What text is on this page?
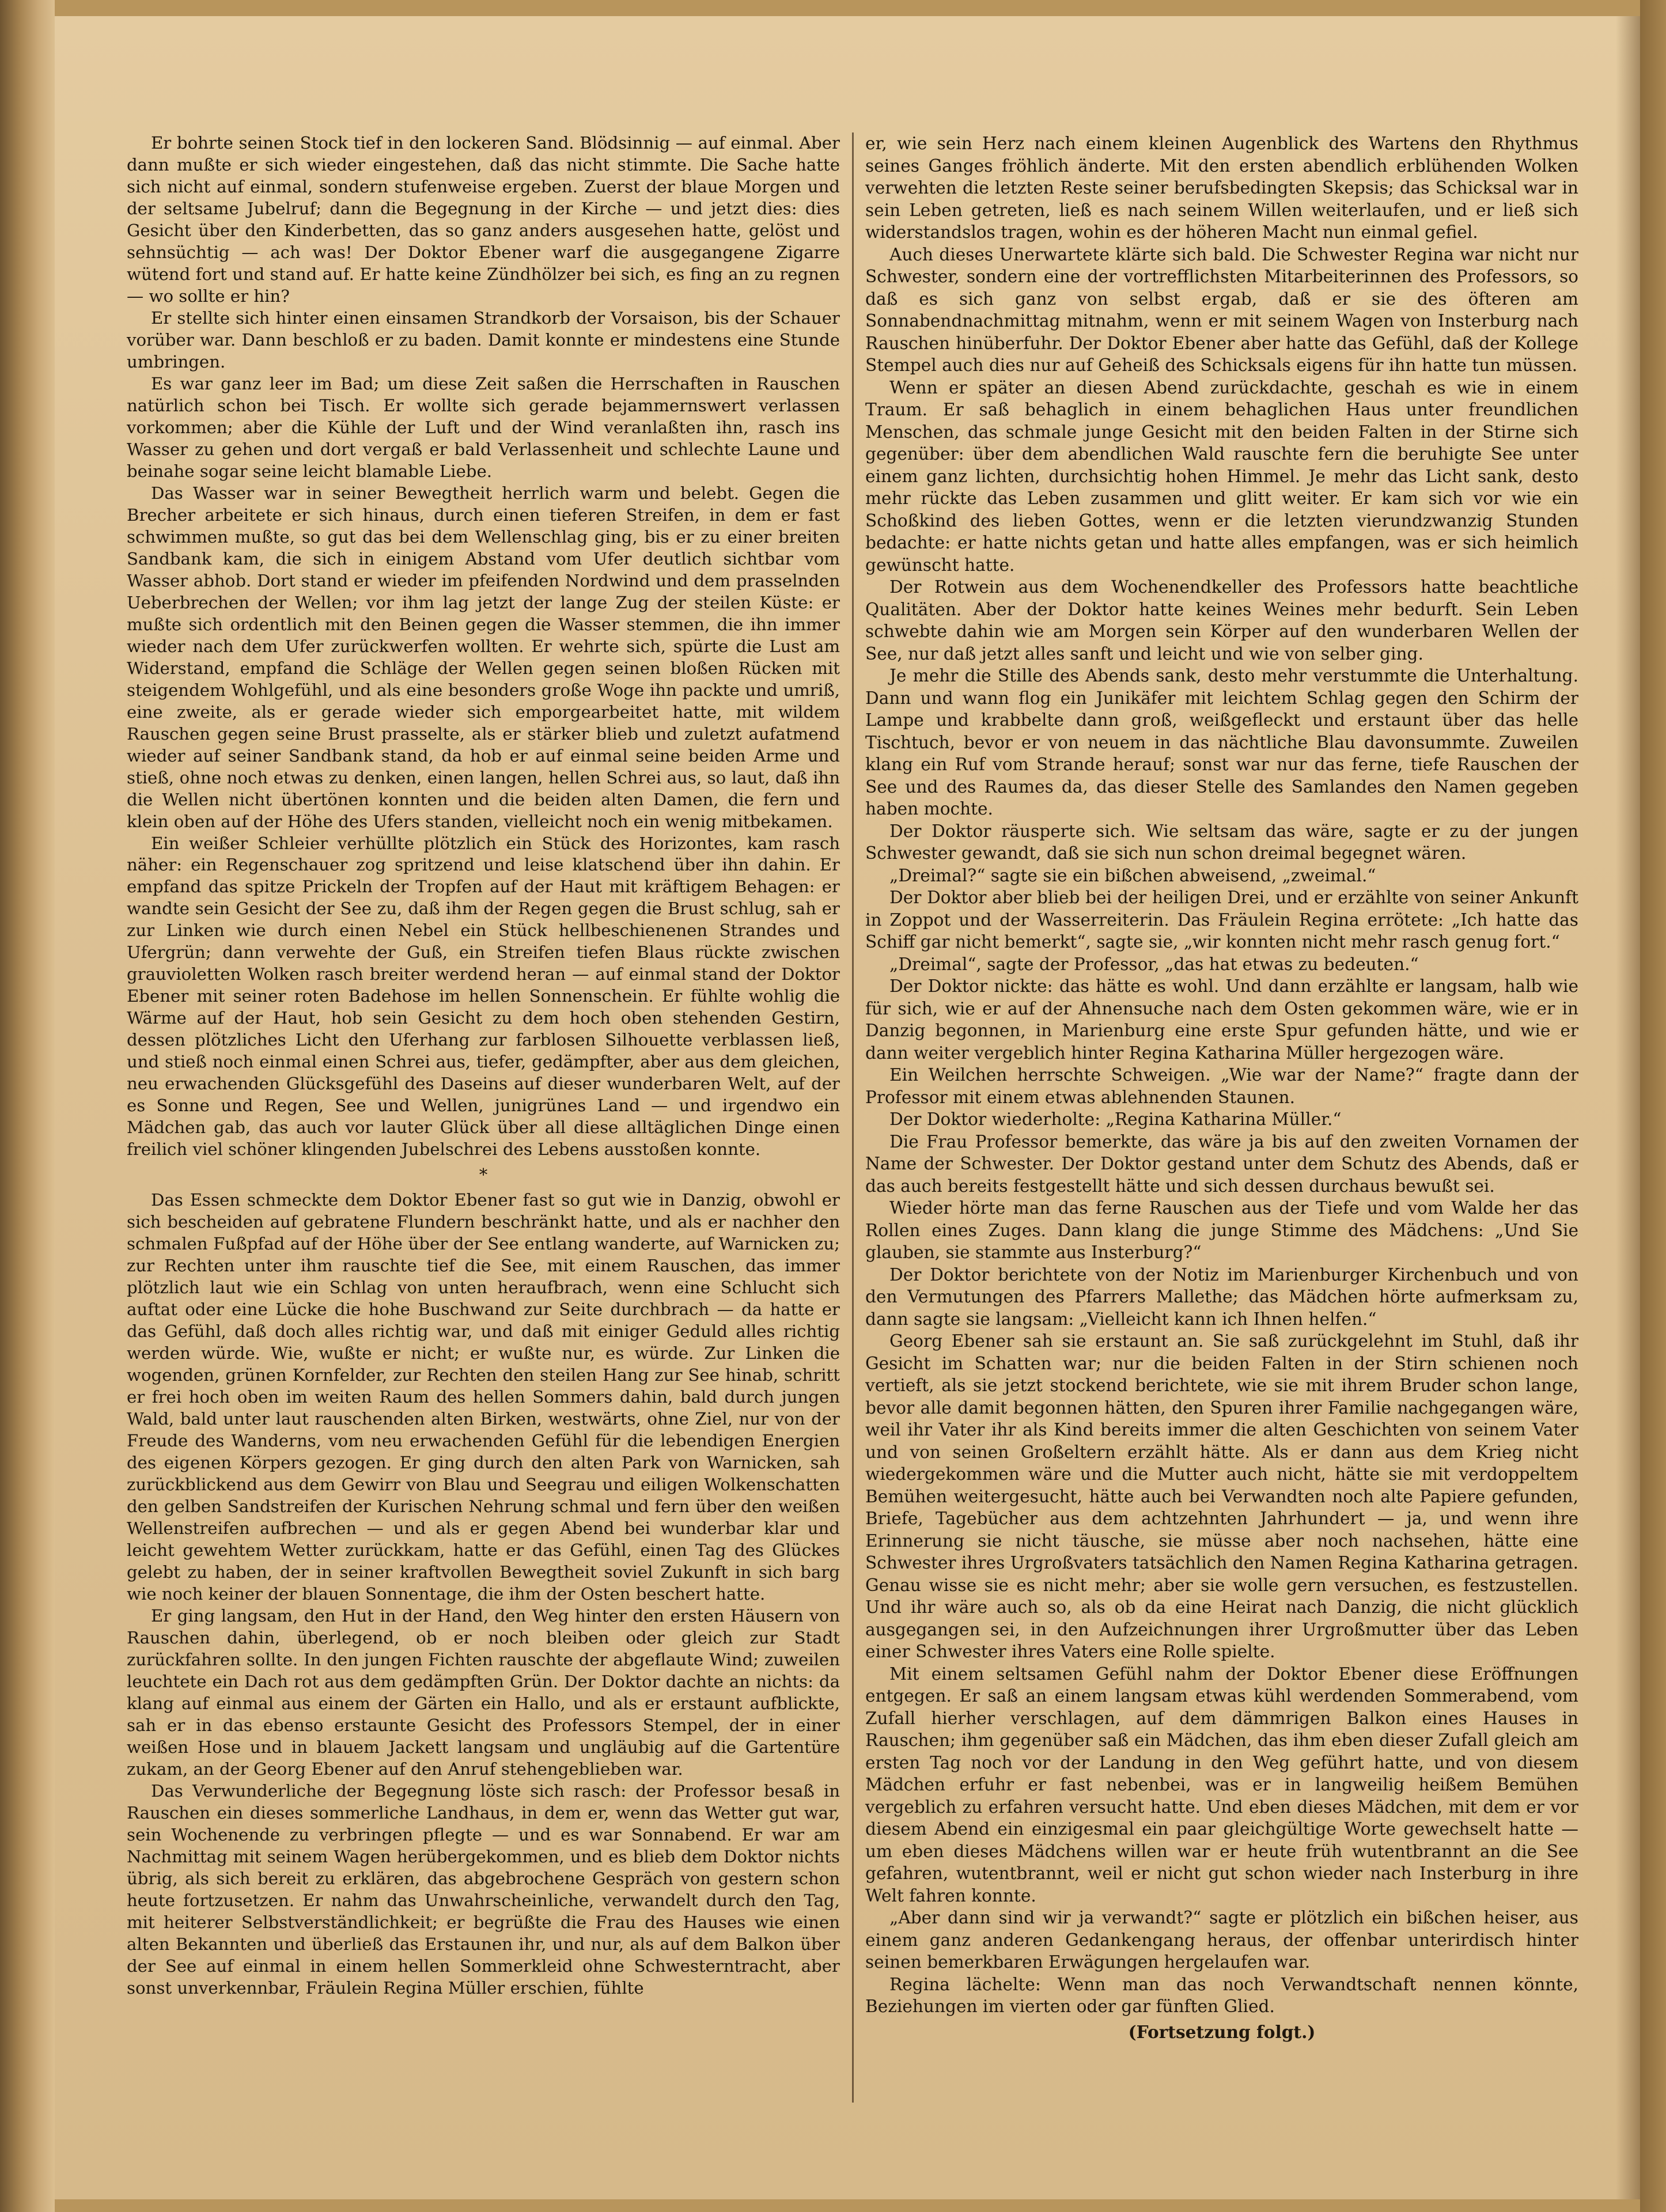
Er bohrte seinen Stock tief in den lockeren Sand. Blödsinnig — auf einmal. Aber dann mußte er sich wieder eingestehen, daß das nicht stimmte. Die Sache hatte sich nicht auf einmal, sondern stufenweise ergeben. Zuerst der blaue Morgen und der seltsame Jubelruf; dann die Begegnung in der Kirche — und jetzt dies: dies Gesicht über den Kinderbetten, das so ganz anders ausgesehen hatte, gelöst und sehnsüchtig — ach was! Der Doktor Ebener warf die ausgegangene Zigarre wütend fort und stand auf. Er hatte keine Zündhölzer bei sich, es fing an zu regnen — wo sollte er hin?

Er stellte sich hinter einen einsamen Strandkorb der Vorsaison, bis der Schauer vorüber war. Dann beschloß er zu baden. Damit konnte er mindestens eine Stunde umbringen.

Es war ganz leer im Bad; um diese Zeit saßen die Herrschaften in Rauschen natürlich schon bei Tisch. Er wollte sich gerade bejammernswert verlassen vorkommen; aber die Kühle der Luft und der Wind veranlaßten ihn, rasch ins Wasser zu gehen und dort vergaß er bald Verlassenheit und schlechte Laune und beinahe sogar seine leicht blamable Liebe.

Das Wasser war in seiner Bewegtheit herrlich warm und belebt. Gegen die Brecher arbeitete er sich hinaus, durch einen tieferen Streifen, in dem er fast schwimmen mußte, so gut das bei dem Wellenschlag ging, bis er zu einer breiten Sandbank kam, die sich in einigem Abstand vom Ufer deutlich sichtbar vom Wasser abhob. Dort stand er wieder im pfeifenden Nordwind und dem prasselnden Ueberbrechen der Wellen; vor ihm lag jetzt der lange Zug der steilen Küste: er mußte sich ordentlich mit den Beinen gegen die Wasser stemmen, die ihn immer wieder nach dem Ufer zurückwerfen wollten. Er wehrte sich, spürte die Lust am Widerstand, empfand die Schläge der Wellen gegen seinen bloßen Rücken mit steigendem Wohlgefühl, und als eine besonders große Woge ihn packte und umriß, eine zweite, als er gerade wieder sich emporgearbeitet hatte, mit wildem Rauschen gegen seine Brust prasselte, als er stärker blieb und zuletzt aufatmend wieder auf seiner Sandbank stand, da hob er auf einmal seine beiden Arme und stieß, ohne noch etwas zu denken, einen langen, hellen Schrei aus, so laut, daß ihn die Wellen nicht übertönen konnten und die beiden alten Damen, die fern und klein oben auf der Höhe des Ufers standen, vielleicht noch ein wenig mitbekamen.

Ein weißer Schleier verhüllte plötzlich ein Stück des Horizontes, kam rasch näher: ein Regenschauer zog spritzend und leise klatschend über ihn dahin. Er empfand das spitze Prickeln der Tropfen auf der Haut mit kräftigem Behagen: er wandte sein Gesicht der See zu, daß ihm der Regen gegen die Brust schlug, sah er zur Linken wie durch einen Nebel ein Stück hellbeschienenen Strandes und Ufergrün; dann verwehte der Guß, ein Streifen tiefen Blaus rückte zwischen grauvioletten Wolken rasch breiter werdend heran — auf einmal stand der Doktor Ebener mit seiner roten Badehose im hellen Sonnenschein. Er fühlte wohlig die Wärme auf der Haut, hob sein Gesicht zu dem hoch oben stehenden Gestirn, dessen plötzliches Licht den Uferhang zur farblosen Silhouette verblassen ließ, und stieß noch einmal einen Schrei aus, tiefer, gedämpfter, aber aus dem gleichen, neu erwachenden Glücksgefühl des Daseins auf dieser wunderbaren Welt, auf der es Sonne und Regen, See und Wellen, junigrünes Land — und irgendwo ein Mädchen gab, das auch vor lauter Glück über all diese alltäglichen Dinge einen freilich viel schöner klingenden Jubelschrei des Lebens ausstoßen konnte.

*

Das Essen schmeckte dem Doktor Ebener fast so gut wie in Danzig, obwohl er sich bescheiden auf gebratene Flundern beschränkt hatte, und als er nachher den schmalen Fußpfad auf der Höhe über der See entlang wanderte, auf Warnicken zu; zur Rechten unter ihm rauschte tief die See, mit einem Rauschen, das immer plötzlich laut wie ein Schlag von unten heraufbrach, wenn eine Schlucht sich auftat oder eine Lücke die hohe Buschwand zur Seite durchbrach — da hatte er das Gefühl, daß doch alles richtig war, und daß mit einiger Geduld alles richtig werden würde. Wie, wußte er nicht; er wußte nur, es würde. Zur Linken die wogenden, grünen Kornfelder, zur Rechten den steilen Hang zur See hinab, schritt er frei hoch oben im weiten Raum des hellen Sommers dahin, bald durch jungen Wald, bald unter laut rauschenden alten Birken, westwärts, ohne Ziel, nur von der Freude des Wanderns, vom neu erwachenden Gefühl für die lebendigen Energien des eigenen Körpers gezogen. Er ging durch den alten Park von Warnicken, sah zurückblickend aus dem Gewirr von Blau und Seegrau und eiligen Wolkenschatten den gelben Sandstreifen der Kurischen Nehrung schmal und fern über den weißen Wellenstreifen aufbrechen — und als er gegen Abend bei wunderbar klar und leicht gewehtem Wetter zurückkam, hatte er das Gefühl, einen Tag des Glückes gelebt zu haben, der in seiner kraftvollen Bewegtheit soviel Zukunft in sich barg wie noch keiner der blauen Sonnentage, die ihm der Osten beschert hatte.

Er ging langsam, den Hut in der Hand, den Weg hinter den ersten Häusern von Rauschen dahin, überlegend, ob er noch bleiben oder gleich zur Stadt zurückfahren sollte. In den jungen Fichten rauschte der abgeflaute Wind; zuweilen leuchtete ein Dach rot aus dem gedämpften Grün. Der Doktor dachte an nichts: da klang auf einmal aus einem der Gärten ein Hallo, und als er erstaunt aufblickte, sah er in das ebenso erstaunte Gesicht des Professors Stempel, der in einer weißen Hose und in blauem Jackett langsam und ungläubig auf die Gartentüre zukam, an der Georg Ebener auf den Anruf stehengeblieben war.

Das Verwunderliche der Begegnung löste sich rasch: der Professor besaß in Rauschen ein dieses sommerliche Landhaus, in dem er, wenn das Wetter gut war, sein Wochenende zu verbringen pflegte — und es war Sonnabend. Er war am Nachmittag mit seinem Wagen herübergekommen, und es blieb dem Doktor nichts übrig, als sich bereit zu erklären, das abgebrochene Gespräch von gestern schon heute fortzusetzen. Er nahm das Unwahrscheinliche, verwandelt durch den Tag, mit heiterer Selbstverständlichkeit; er begrüßte die Frau des Hauses wie einen alten Bekannten und überließ das Erstaunen ihr, und nur, als auf dem Balkon über der See auf einmal in einem hellen Sommerkleid ohne Schwesterntracht, aber sonst unverkennbar, Fräulein Regina Müller erschien, fühlte

er, wie sein Herz nach einem kleinen Augenblick des Wartens den Rhythmus seines Ganges fröhlich änderte. Mit den ersten abendlich erblühenden Wolken verwehten die letzten Reste seiner berufsbedingten Skepsis; das Schicksal war in sein Leben getreten, ließ es nach seinem Willen weiterlaufen, und er ließ sich widerstandslos tragen, wohin es der höheren Macht nun einmal gefiel.

Auch dieses Unerwartete klärte sich bald. Die Schwester Regina war nicht nur Schwester, sondern eine der vortrefflichsten Mitarbeiterinnen des Professors, so daß es sich ganz von selbst ergab, daß er sie des öfteren am Sonnabendnachmittag mitnahm, wenn er mit seinem Wagen von Insterburg nach Rauschen hinüberfuhr. Der Doktor Ebener aber hatte das Gefühl, daß der Kollege Stempel auch dies nur auf Geheiß des Schicksals eigens für ihn hatte tun müssen.

Wenn er später an diesen Abend zurückdachte, geschah es wie in einem Traum. Er saß behaglich in einem behaglichen Haus unter freundlichen Menschen, das schmale junge Gesicht mit den beiden Falten in der Stirne sich gegenüber: über dem abendlichen Wald rauschte fern die beruhigte See unter einem ganz lichten, durchsichtig hohen Himmel. Je mehr das Licht sank, desto mehr rückte das Leben zusammen und glitt weiter. Er kam sich vor wie ein Schoßkind des lieben Gottes, wenn er die letzten vierundzwanzig Stunden bedachte: er hatte nichts getan und hatte alles empfangen, was er sich heimlich gewünscht hatte.

Der Rotwein aus dem Wochenendkeller des Professors hatte beachtliche Qualitäten. Aber der Doktor hatte keines Weines mehr bedurft. Sein Leben schwebte dahin wie am Morgen sein Körper auf den wunderbaren Wellen der See, nur daß jetzt alles sanft und leicht und wie von selber ging.

Je mehr die Stille des Abends sank, desto mehr verstummte die Unterhaltung. Dann und wann flog ein Junikäfer mit leichtem Schlag gegen den Schirm der Lampe und krabbelte dann groß, weißgefleckt und erstaunt über das helle Tischtuch, bevor er von neuem in das nächtliche Blau davonsummte. Zuweilen klang ein Ruf vom Strande herauf; sonst war nur das ferne, tiefe Rauschen der See und des Raumes da, das dieser Stelle des Samlandes den Namen gegeben haben mochte.

Der Doktor räusperte sich. Wie seltsam das wäre, sagte er zu der jungen Schwester gewandt, daß sie sich nun schon dreimal begegnet wären.

„Dreimal?“ sagte sie ein bißchen abweisend, „zweimal.“

Der Doktor aber blieb bei der heiligen Drei, und er erzählte von seiner Ankunft in Zoppot und der Wasserreiterin. Das Fräulein Regina errötete: „Ich hatte das Schiff gar nicht bemerkt“, sagte sie, „wir konnten nicht mehr rasch genug fort.“

„Dreimal“, sagte der Professor, „das hat etwas zu bedeuten.“

Der Doktor nickte: das hätte es wohl. Und dann erzählte er langsam, halb wie für sich, wie er auf der Ahnensuche nach dem Osten gekommen wäre, wie er in Danzig begonnen, in Marienburg eine erste Spur gefunden hätte, und wie er dann weiter vergeblich hinter Regina Katharina Müller hergezogen wäre.

Ein Weilchen herrschte Schweigen. „Wie war der Name?“ fragte dann der Professor mit einem etwas ablehnenden Staunen.

Der Doktor wiederholte: „Regina Katharina Müller.“

Die Frau Professor bemerkte, das wäre ja bis auf den zweiten Vornamen der Name der Schwester. Der Doktor gestand unter dem Schutz des Abends, daß er das auch bereits festgestellt hätte und sich dessen durchaus bewußt sei.

Wieder hörte man das ferne Rauschen aus der Tiefe und vom Walde her das Rollen eines Zuges. Dann klang die junge Stimme des Mädchens: „Und Sie glauben, sie stammte aus Insterburg?“

Der Doktor berichtete von der Notiz im Marienburger Kirchenbuch und von den Vermutungen des Pfarrers Mallethe; das Mädchen hörte aufmerksam zu, dann sagte sie langsam: „Vielleicht kann ich Ihnen helfen.“

Georg Ebener sah sie erstaunt an. Sie saß zurückgelehnt im Stuhl, daß ihr Gesicht im Schatten war; nur die beiden Falten in der Stirn schienen noch vertieft, als sie jetzt stockend berichtete, wie sie mit ihrem Bruder schon lange, bevor alle damit begonnen hätten, den Spuren ihrer Familie nachgegangen wäre, weil ihr Vater ihr als Kind bereits immer die alten Geschichten von seinem Vater und von seinen Großeltern erzählt hätte. Als er dann aus dem Krieg nicht wiedergekommen wäre und die Mutter auch nicht, hätte sie mit verdoppeltem Bemühen weitergesucht, hätte auch bei Verwandten noch alte Papiere gefunden, Briefe, Tagebücher aus dem achtzehnten Jahrhundert — ja, und wenn ihre Erinnerung sie nicht täusche, sie müsse aber noch nachsehen, hätte eine Schwester ihres Urgroßvaters tatsächlich den Namen Regina Katharina getragen. Genau wisse sie es nicht mehr; aber sie wolle gern versuchen, es festzustellen. Und ihr wäre auch so, als ob da eine Heirat nach Danzig, die nicht glücklich ausgegangen sei, in den Aufzeichnungen ihrer Urgroßmutter über das Leben einer Schwester ihres Vaters eine Rolle spielte.

Mit einem seltsamen Gefühl nahm der Doktor Ebener diese Eröffnungen entgegen. Er saß an einem langsam etwas kühl werdenden Sommerabend, vom Zufall hierher verschlagen, auf dem dämmrigen Balkon eines Hauses in Rauschen; ihm gegenüber saß ein Mädchen, das ihm eben dieser Zufall gleich am ersten Tag noch vor der Landung in den Weg geführt hatte, und von diesem Mädchen erfuhr er fast nebenbei, was er in langweilig heißem Bemühen vergeblich zu erfahren versucht hatte. Und eben dieses Mädchen, mit dem er vor diesem Abend ein einzigesmal ein paar gleichgültige Worte gewechselt hatte — um eben dieses Mädchens willen war er heute früh wutentbrannt an die See gefahren, wutentbrannt, weil er nicht gut schon wieder nach Insterburg in ihre Welt fahren konnte.

„Aber dann sind wir ja verwandt?“ sagte er plötzlich ein bißchen heiser, aus einem ganz anderen Gedankengang heraus, der offenbar unterirdisch hinter seinen bemerkbaren Erwägungen hergelaufen war.

Regina lächelte: Wenn man das noch Verwandtschaft nennen könnte, Beziehungen im vierten oder gar fünften Glied.

(Fortsetzung folgt.)
